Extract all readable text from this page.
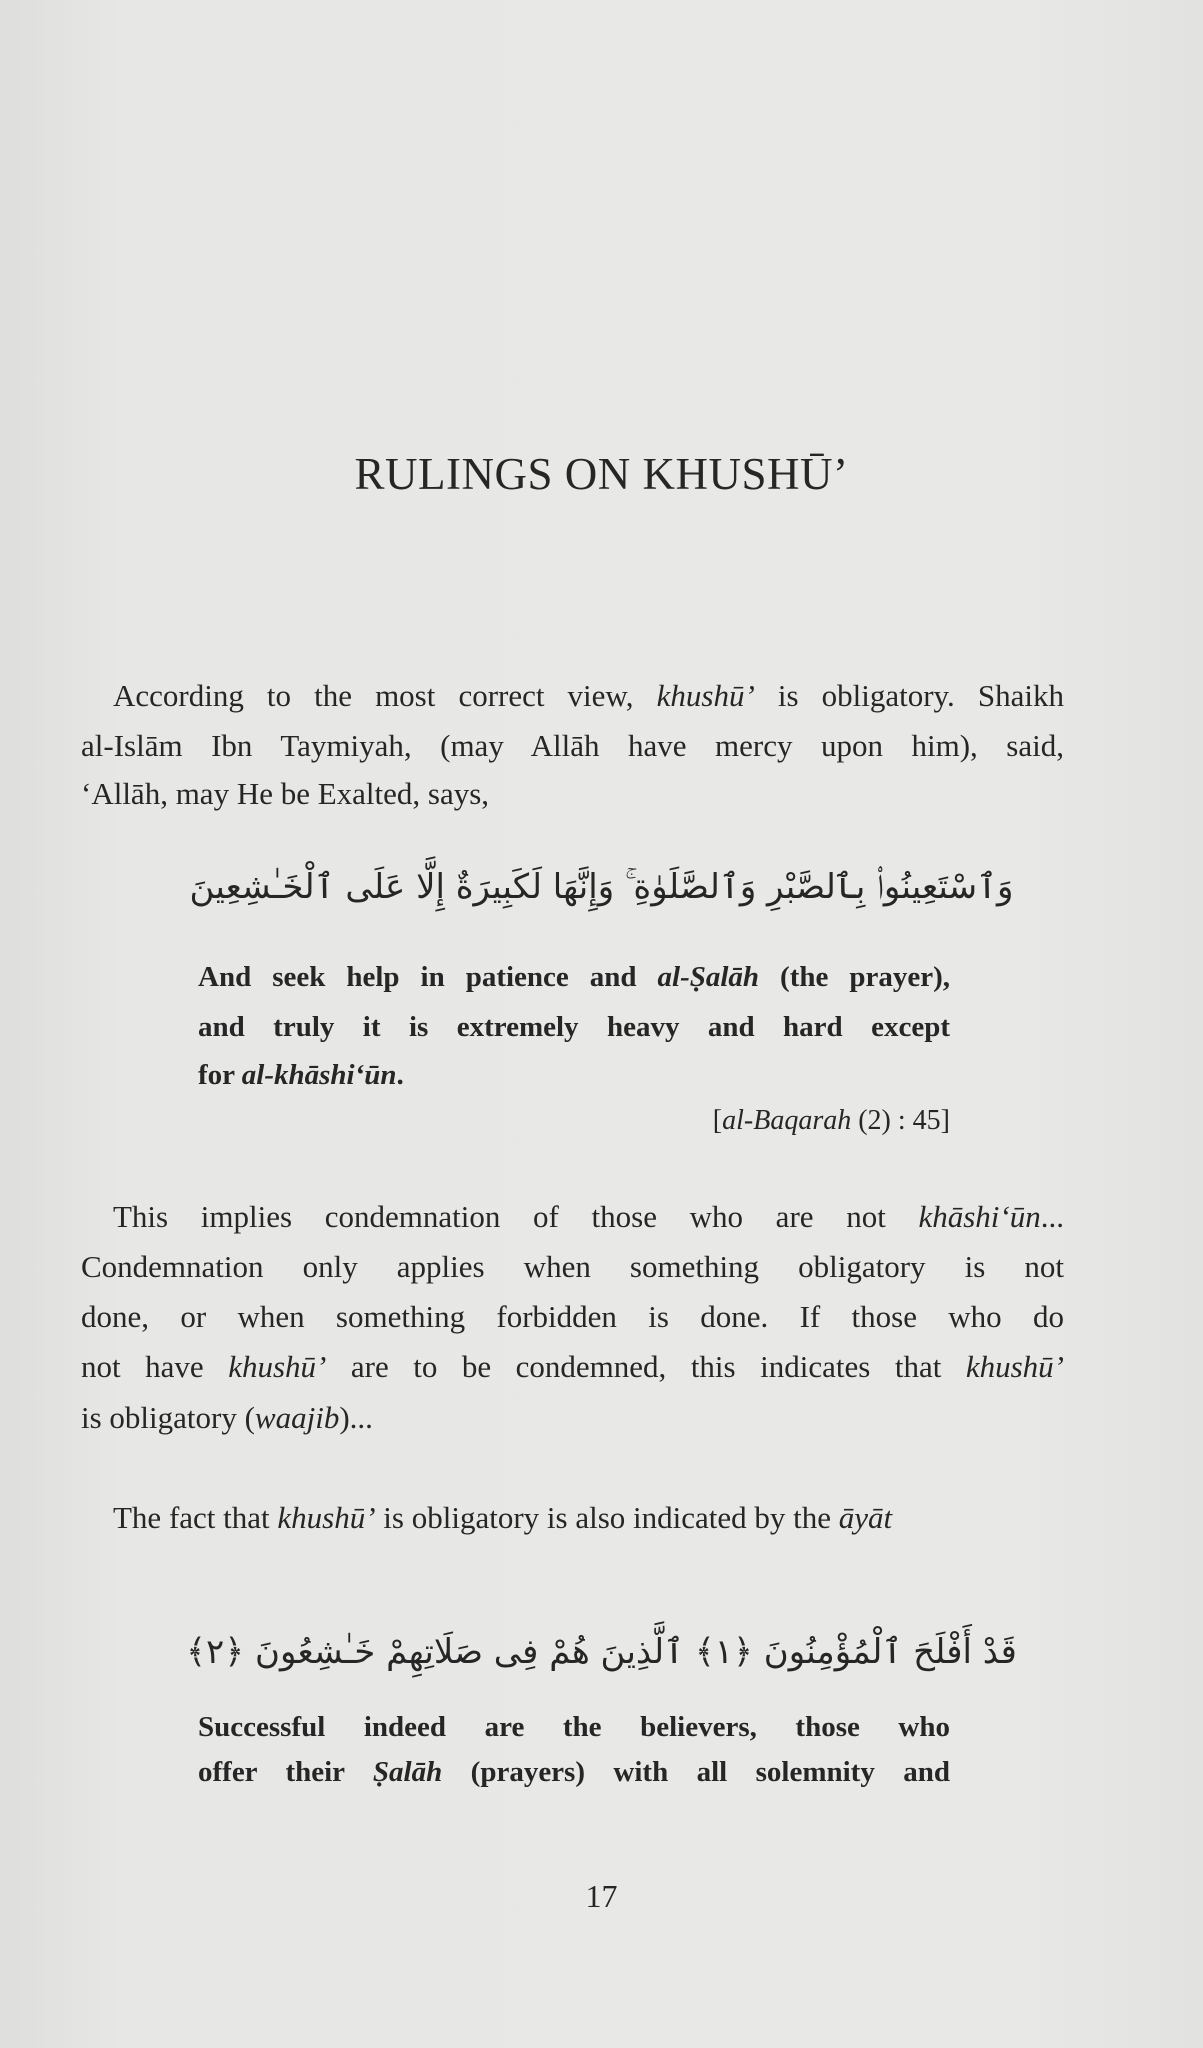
RULINGS ON KHUSHŪ’
According to the most correct view, khushū’ is obligatory. Shaikh
al-Islām Ibn Taymiyah, (may Allāh have mercy upon him), said,
‘Allāh, may He be Exalted, says,
وَٱسْتَعِينُوا۟ بِٱلصَّبْرِ وَٱلصَّلَوٰةِ ۚ وَإِنَّهَا لَكَبِيرَةٌ إِلَّا عَلَى ٱلْخَـٰشِعِينَ
And seek help in patience and al-Ṣalāh (the prayer),
and truly it is extremely heavy and hard except
for al-khāshi‘ūn.
[al-Baqarah (2) : 45]
This implies condemnation of those who are not khāshi‘ūn...
Condemnation only applies when something obligatory is not
done, or when something forbidden is done. If those who do
not have khushū’ are to be condemned, this indicates that khushū’
is obligatory (waajib)...
The fact that khushū’ is obligatory is also indicated by the āyāt
قَدْ أَفْلَحَ ٱلْمُؤْمِنُونَ ﴿١﴾ ٱلَّذِينَ هُمْ فِى صَلَاتِهِمْ خَـٰشِعُونَ ﴿٢﴾
Successful indeed are the believers, those who
offer their Ṣalāh (prayers) with all solemnity and
17
